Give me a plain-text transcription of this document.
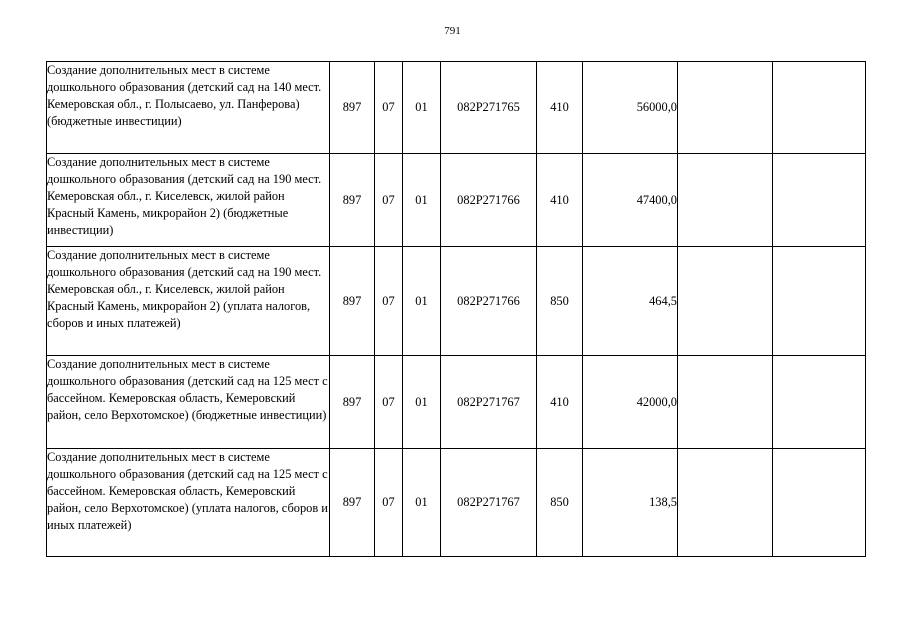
791
Создание дополнительных мест в системе дошкольного образования (детский сад на 140 мест. Кемеровская обл., г. Полысаево, ул. Панферова) (бюджетные инвестиции)	897	07	01	082P271765	410	56000,0		
Создание дополнительных мест в системе дошкольного образования (детский сад на 190 мест. Кемеровская обл., г. Киселевск, жилой район Красный Камень, микрорайон 2) (бюджетные инвестиции)	897	07	01	082P271766	410	47400,0		
Создание дополнительных мест в системе дошкольного образования (детский сад на 190 мест. Кемеровская обл., г. Киселевск, жилой район Красный Камень, микрорайон 2) (уплата налогов, сборов и иных платежей)	897	07	01	082P271766	850	464,5		
Создание дополнительных мест в системе дошкольного образования (детский сад на 125 мест с бассейном. Кемеровская область, Кемеровский район, село Верхотомское) (бюджетные инвестиции)	897	07	01	082P271767	410	42000,0		
Создание дополнительных мест в системе дошкольного образования (детский сад на 125 мест с бассейном. Кемеровская область, Кемеровский район, село Верхотомское) (уплата налогов, сборов и иных платежей)	897	07	01	082P271767	850	138,5		
